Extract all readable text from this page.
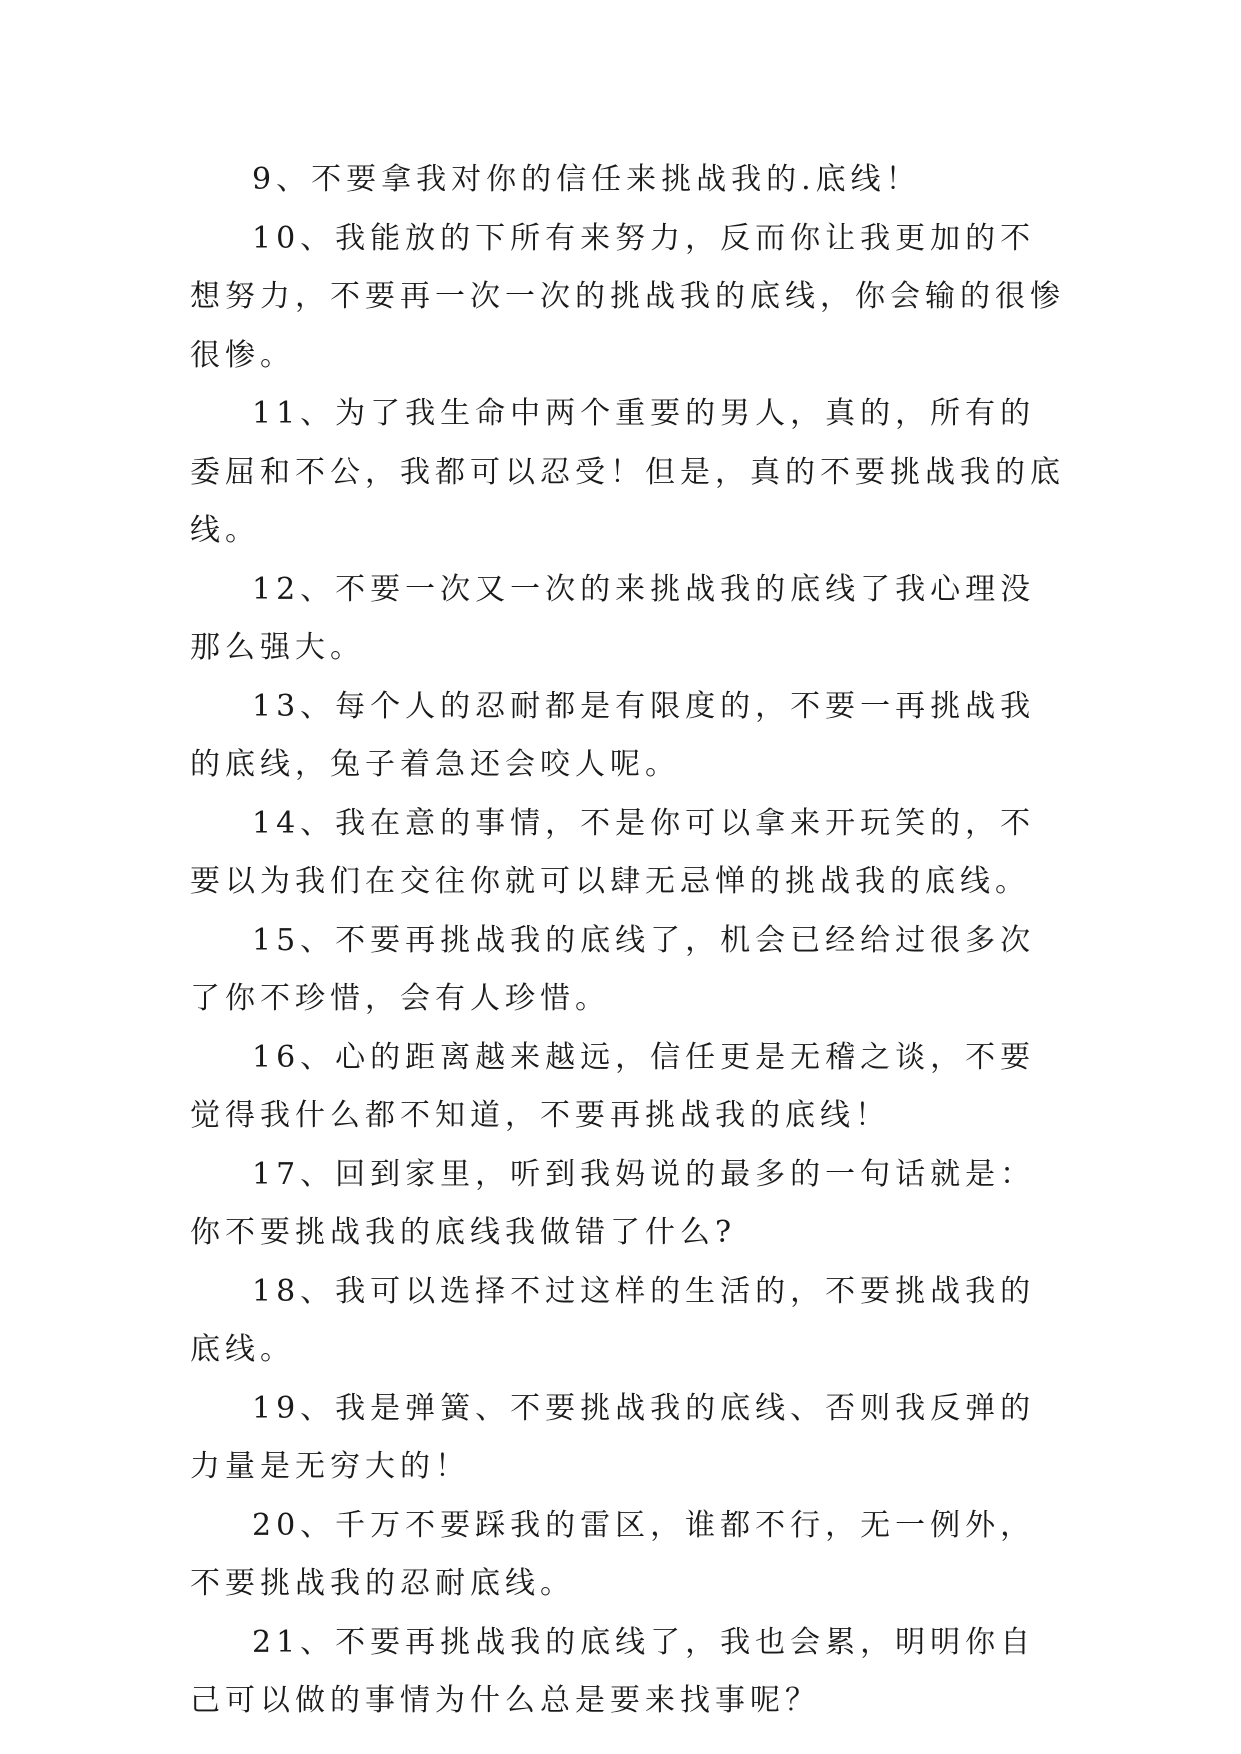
9、不要拿我对你的信任来挑战我的.底线！

10、我能放的下所有来努力，反而你让我更加的不想努力，不要再一次一次的挑战我的底线，你会输的很惨很惨。

11、为了我生命中两个重要的男人，真的，所有的委屈和不公，我都可以忍受！但是，真的不要挑战我的底线。

12、不要一次又一次的来挑战我的底线了我心理没那么强大。

13、每个人的忍耐都是有限度的，不要一再挑战我的底线，兔子着急还会咬人呢。

14、我在意的事情，不是你可以拿来开玩笑的，不要以为我们在交往你就可以肆无忌惮的挑战我的底线。

15、不要再挑战我的底线了，机会已经给过很多次了你不珍惜，会有人珍惜。

16、心的距离越来越远，信任更是无稽之谈，不要觉得我什么都不知道，不要再挑战我的底线！

17、回到家里，听到我妈说的最多的一句话就是：你不要挑战我的底线我做错了什么?

18、我可以选择不过这样的生活的，不要挑战我的底线。

19、我是弹簧、不要挑战我的底线、否则我反弹的力量是无穷大的！

20、千万不要踩我的雷区，谁都不行，无一例外，不要挑战我的忍耐底线。

21、不要再挑战我的底线了，我也会累，明明你自己可以做的事情为什么总是要来找事呢？
